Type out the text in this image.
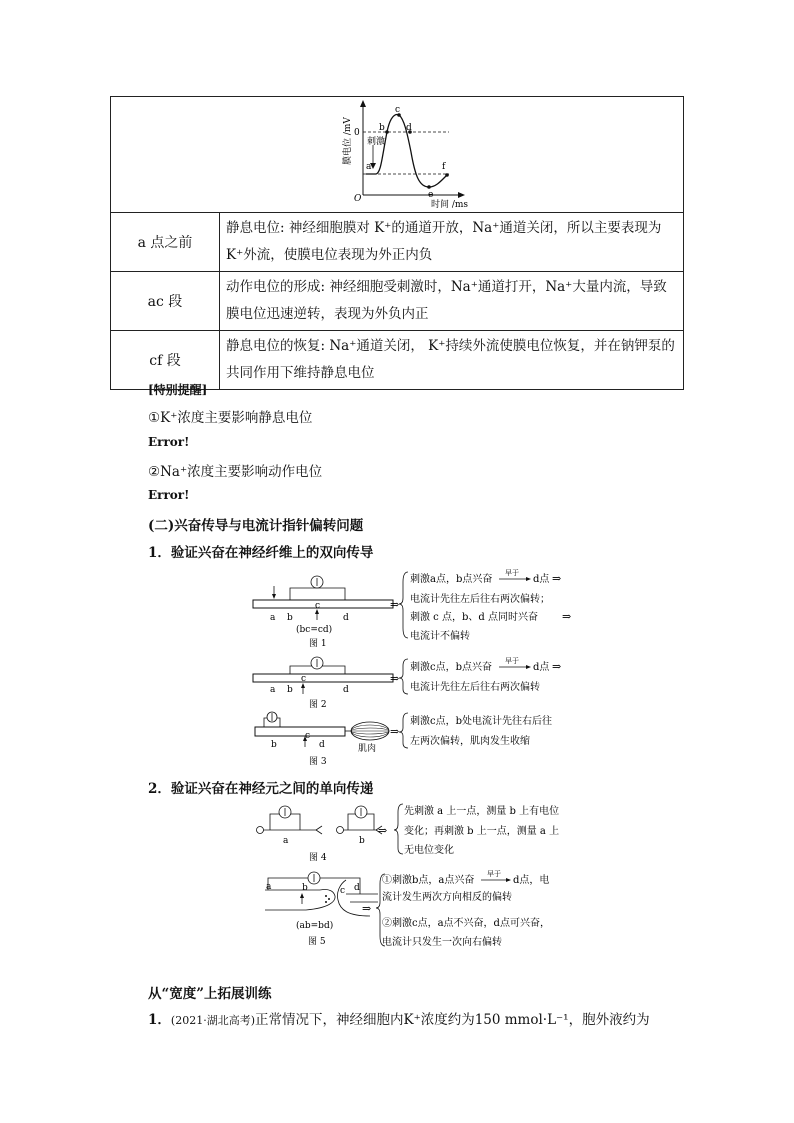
a
b
c
d
e
f
刺激
0
O
时间 /ms
膜电位 /mV
a 点之前	静息电位: 神经细胞膜对 K⁺的通道开放，Na⁺通道关闭，所以主要表现为 K⁺外流，使膜电位表现为外正内负
ac 段	动作电位的形成: 神经细胞受刺激时，Na⁺通道打开，Na⁺大量内流，导致膜电位迅速逆转，表现为外负内正
cf 段	静息电位的恢复: Na⁺通道关闭， K⁺持续外流使膜电位恢复，并在钠钾泵的共同作用下维持静息电位
[特别提醒]
①K⁺浓度主要影响静息电位
Error!
②Na⁺浓度主要影响动作电位
Error!
(二)兴奋传导与电流计指针偏转问题
1．验证兴奋在神经纤维上的双向传导
a b
c
d
(bc=cd)
图 1
⇒
刺激a点，b点兴奋
早于
d点 ⇒
电流计先往左后往右两次偏转；
刺激 c 点，b、d 点同时兴奋 ⇒
电流计不偏转
a b
c
d
图 2
⇒
刺激c点，b点兴奋
早于
d点 ⇒
电流计先往左后往右两次偏转
b
c
d	肌肉
图 3
⇒
刺激c点，b处电流计先往右后往
左两次偏转，肌肉发生收缩
2．验证兴奋在神经元之间的单向传递
a	b
图 4
⇒
先刺激 a 上一点，测量 b 上有电位
变化；再刺激 b 上一点，测量 a 上
无电位变化
a	b	c d
(ab=bd)
图 5
⇒
①刺激b点，a点兴奋
早于
d点，电
流计发生两次方向相反的偏转
②刺激c点，a点不兴奋，d点可兴奋，
电流计只发生一次向右偏转
从“宽度”上拓展训练
1．(2021·湖北高考)正常情况下，神经细胞内K⁺浓度约为150 mmol·L⁻¹，胞外液约为
